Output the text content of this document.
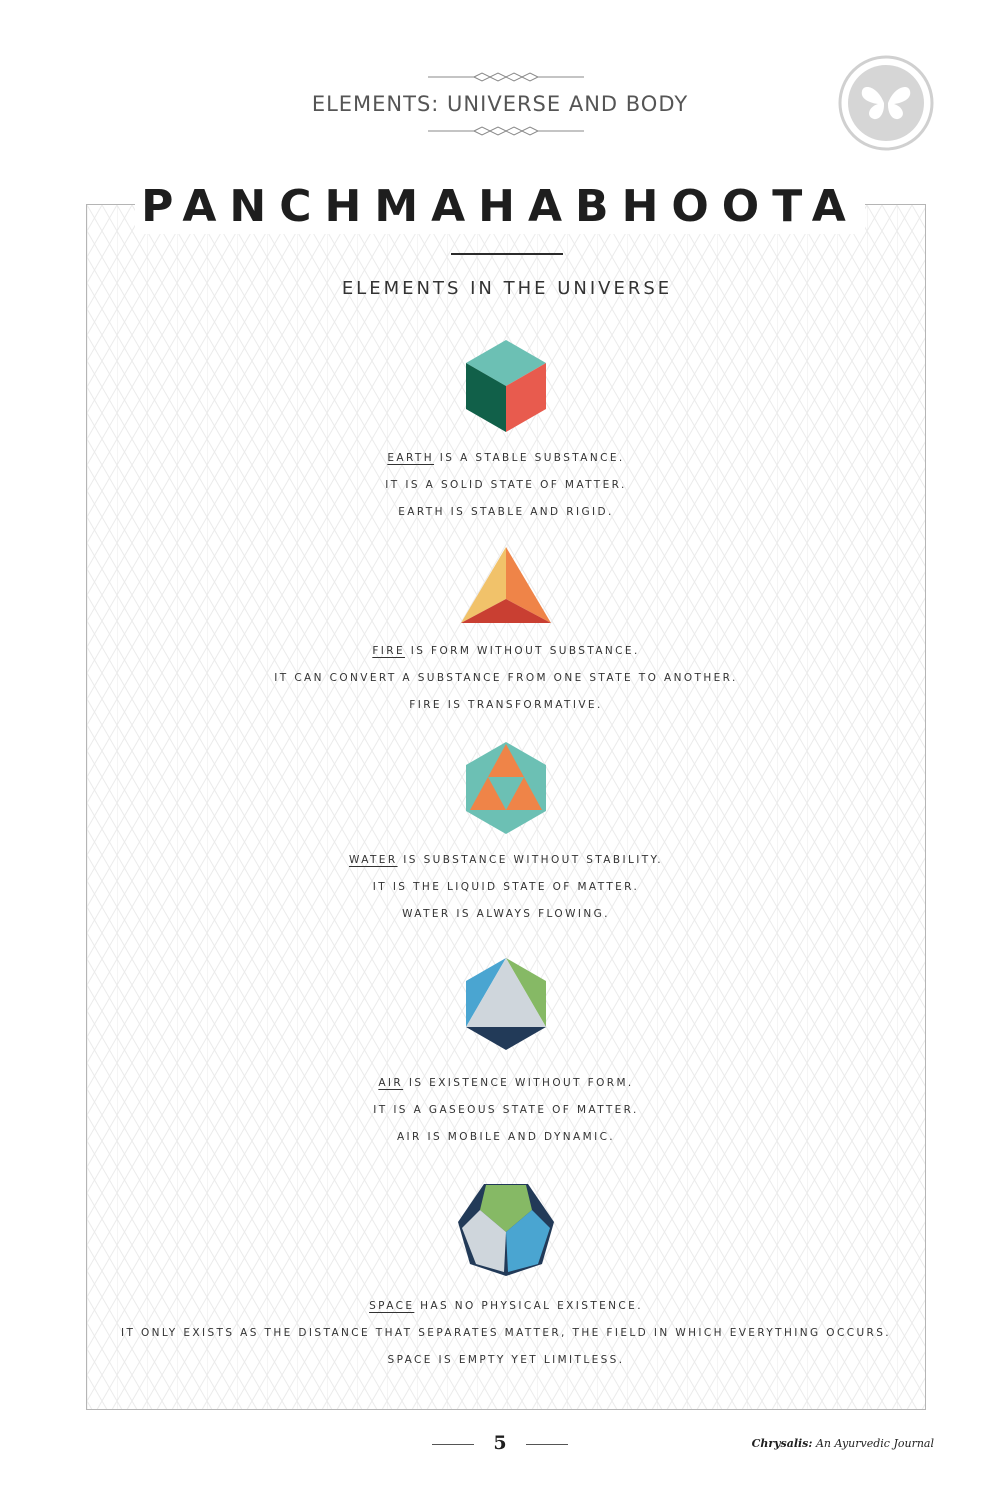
ELEMENTS: UNIVERSE AND BODY
PANCHMAHABHOOTA
ELEMENTS IN THE UNIVERSE
EARTH IS A STABLE SUBSTANCE.
IT IS A SOLID STATE OF MATTER.
EARTH IS STABLE AND RIGID.
FIRE IS FORM WITHOUT SUBSTANCE.
IT CAN CONVERT A SUBSTANCE FROM ONE STATE TO ANOTHER.
FIRE IS TRANSFORMATIVE.
WATER IS SUBSTANCE WITHOUT STABILITY.
IT IS THE LIQUID STATE OF MATTER.
WATER IS ALWAYS FLOWING.
AIR IS EXISTENCE WITHOUT FORM.
IT IS A GASEOUS STATE OF MATTER.
AIR IS MOBILE AND DYNAMIC.
SPACE HAS NO PHYSICAL EXISTENCE.
IT ONLY EXISTS AS THE DISTANCE THAT SEPARATES MATTER, THE FIELD IN WHICH EVERYTHING OCCURS.
SPACE IS EMPTY YET LIMITLESS.
5	Chrysalis: An Ayurvedic Journal
